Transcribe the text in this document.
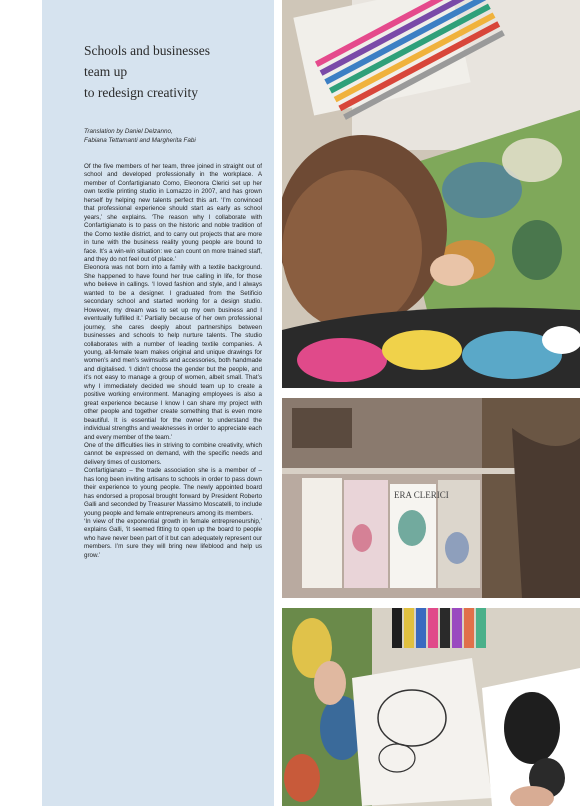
Schools and businesses
team up
to redesign creativity
Translation by Daniel Delzanno,
Fabiana Tettamanti and Margherita Fabi

Of the five members of her team, three joined in straight out of school and developed professionally in the workplace. A member of Confartigianato Como, Eleonora Clerici set up her own textile printing studio in Lomazzo in 2007, and has grown herself by helping new talents perfect this art. ‘I’m convinced that professional experience should start as early as school years,’ she explains. ‘The reason why I collaborate with Confartigianato is to pass on the historic and noble tradition of the Como textile district, and to carry out projects that are more in tune with the business reality young people are bound to face. It’s a win-win situation: we can count on more trained staff, and they do not feel out of place.’

Eleonora was not born into a family with a textile background. She happened to have found her true calling in life, for those who believe in callings. ‘I loved fashion and style, and I always wanted to be a designer. I graduated from the Setificio secondary school and started working for a design studio. However, my dream was to set up my own business and I eventually fulfilled it.’ Partially because of her own professional journey, she cares deeply about partnerships between businesses and schools to help nurture talents. The studio collaborates with a number of leading textile companies. A young, all-female team makes original and unique drawings for women’s and men’s swimsuits and accessories, both handmade and digitalised. ‘I didn’t choose the gender but the people, and it’s not easy to manage a group of women, albeit small. That’s why I immediately decided we should team up to create a positive working environment. Managing employees is also a great experience because I know I can share my project with other people and together create something that is even more beautiful. It is essential for the owner to understand the individual strengths and weaknesses in order to appreciate each and every member of the team.’

One of the difficulties lies in striving to combine creativity, which cannot be expressed on demand, with the specific needs and delivery times of customers.

Confartigianato – the trade association she is a member of – has long been inviting artisans to schools in order to pass down their experience to young people. The newly appointed board has endorsed a proposal brought forward by President Roberto Galli and seconded by Treasurer Massimo Moscatelli, to include young people and female entrepreneurs among its members.

‘In view of the exponential growth in female entrepreneurship,’ explains Galli, ‘it seemed fitting to open up the board to people who have never been part of it but can adequately represent our members. I’m sure they will bring new lifeblood and help us grow.’

ERA CLERICI
